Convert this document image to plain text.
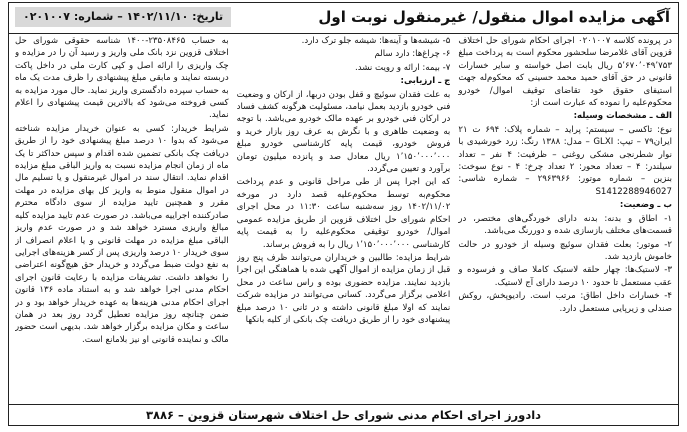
آگهی مزایده اموال منقول/ غیرمنقول نوبت اول
تاریخ: ۱۴۰۲/۱۱/۱۰ – شماره: ۰۲۰۱۰۰۷

در پرونده کلاسه ۰۲۰۱۰۰۷ اجرای احکام شورای حل اختلاف قزوین آقای غلامرضا سلحشور محکوم است به پرداخت مبلغ ۵٬۶۷۰٬۰۴۹٬۷۵۳ ریال بابت اصل خواسته و سایر خسارات قانونی در حق آقای حمید محمد حسینی که محکوم‌له جهت استیفای حقوق خود تقاضای توقیف اموال/ خودرو محکوم‌علیه را نموده که عبارت است از:

الف ـ مشخصات وسیله:

نوع: تاکسی – سیستم: پراید – شماره پلاک: ۶۹۴ ت ۲۱ ایران۷۹ – تیپ: GLXI – مدل: ۱۳۸۸ رنگ: زرد خورشیدی با نوار شطرنجی مشکی روغنی – ظرفیت: ۴ نفر – تعداد سیلندر: ۴ – تعداد محور: ۲ تعداد چرخ: ۴ - نوع سوخت: بنزین – شماره موتور: ۲۹۶۳۹۶۶ – شماره شاسی: S1412288946027

ب ـ وضعیت:

۱- اطاق و بدنه: بدنه دارای خوردگی‌های مختصر، در قسمت‌های مختلف بازسازی شده و دوررنگ می‌باشد.

۲- موتور: بعلت فقدان سوئیچ وسیله از خودرو در حالت خاموش بازدید شد.

۳- لاستیک‌ها: چهار حلقه لاستیک کاملا صاف و فرسوده و عقب مستعمل تا حدود ۱۰ درصد دارای آج لاستیک.

۴- خسارات داخل اطاق: مرتب است. رادیوپخش، روکش صندلی و زیرپایی مستعمل دارد.

۵- شیشه‌ها و آینه‌ها: شیشه جلو ترک دارد.

۶- چراغ‌ها: دارد سالم

۷- بیمه: ارائه و رویت نشد.

ج ـ ارزیابی:

به علت فقدان سوئیچ و قفل بودن دربها، از ارکان و وضعیت فنی خودرو بازدید بعمل نیامد، مسئولیت هرگونه کشف فساد در ارکان فنی خودرو بر عهده مالک خودرو می‌باشد. با توجه به وضعیت ظاهری و با نگرش به عرف روز بازار خرید و فروش خودرو، قیمت پایه کارشناسی خودرو مبلغ ۱٬۱۵۰٬۰۰۰٬۰۰۰ ریال معادل صد و پانزده میلیون تومان برآورد و تعیین می‌گردد.

که این اجرا پس از طی مراحل قانونی و عدم پرداخت محکوم‌به توسط محکوم‌علیه قصد دارد در مورخه ۱۴۰۲/۱۱/۰۲ روز سه‌شنبه ساعت ۱۱:۳۰ در محل اجرای احکام شورای حل اختلاف قزوین از طریق مزایده عمومی اموال/ خودرو توقیفی محکوم‌علیه را به قیمت پایه کارشناسی ۱٬۱۵۰٬۰۰۰٬۰۰۰ ریال را به فروش برساند.

شرایط مزایده: طالبین و خریداران می‌توانند ظرف پنج روز قبل از زمان مزایده از اموال آگهی شده با هماهنگی این اجرا بازدید نمایند. مزایده حضوری بوده و راس ساعت در محل اعلامی برگزار می‌گردد. کسانی می‌توانند در مزایده شرکت نمایند که اولا مبلغ قانونی داشته و در ثانی ۱۰ درصد مبلغ پیشنهادی خود را از طریق دریافت چک بانکی از کلیه بانکها

به حساب ۲۳۵۰۸۴۶۵-۱۴۰۰ شناسه حقوقی شورای حل اختلاف قزوین نزد بانک ملی واریز و رسید آن را در مزایده و چک واریزی را ارائه اصل و کپی کارت ملی در داخل پاکت دربسته نمایند و مابقی مبلغ پیشنهادی را ظرف مدت یک ماه به حساب سپرده دادگستری واریز نماید. حال مورد مزایده به کسی فروخته می‌شود که بالاترین قیمت پیشنهادی را اعلام نماید.

شرایط خریدار: کسی به عنوان خریدار مزایده شناخته می‌شود که بدوا ۱۰ درصد مبلغ پیشنهادی خود را از طریق دریافت چک بانکی تضمین شده اقدام و سپس حداکثر تا یک ماه از زمان انجام مزایده نسبت به واریز الباقی مبلغ مزایده اقدام نماید. انتقال سند در اموال غیرمنقول و یا تسلیم مال در اموال منقول منوط به واریز کل بهای مزایده در مهلت مقرر و همچنین تایید مزایده از سوی دادگاه محترم صادرکننده اجراییه می‌باشد. در صورت عدم تایید مزایده کلیه مبالغ واریزی مسترد خواهد شد و در صورت عدم واریز الباقی مبلغ مزایده در مهلت قانونی و یا اعلام انصراف از سوی خریدار ۱۰ درصد واریزی پس از کسر هزینه‌های اجرایی به نفع دولت ضبط می‌گردد و خریدار حق هیچ‌گونه اعتراضی را نخواهد داشت. تشریفات مزایده با رعایت قانون اجرای احکام مدنی اجرا خواهد شد و به استناد ماده ۱۳۶ قانون اجرای احکام مدنی هزینه‌ها به عهده خریدار خواهد بود و در ضمن چنانچه روز مزایده تعطیل گردد روز بعد در همان ساعت و مکان مزایده برگزار خواهد شد. بدیهی است حضور مالک و نماینده قانونی او نیز بلامانع است.

دادورز اجرای احکام مدنی شورای حل اختلاف شهرستان قزوین – ۳۸۸۶
